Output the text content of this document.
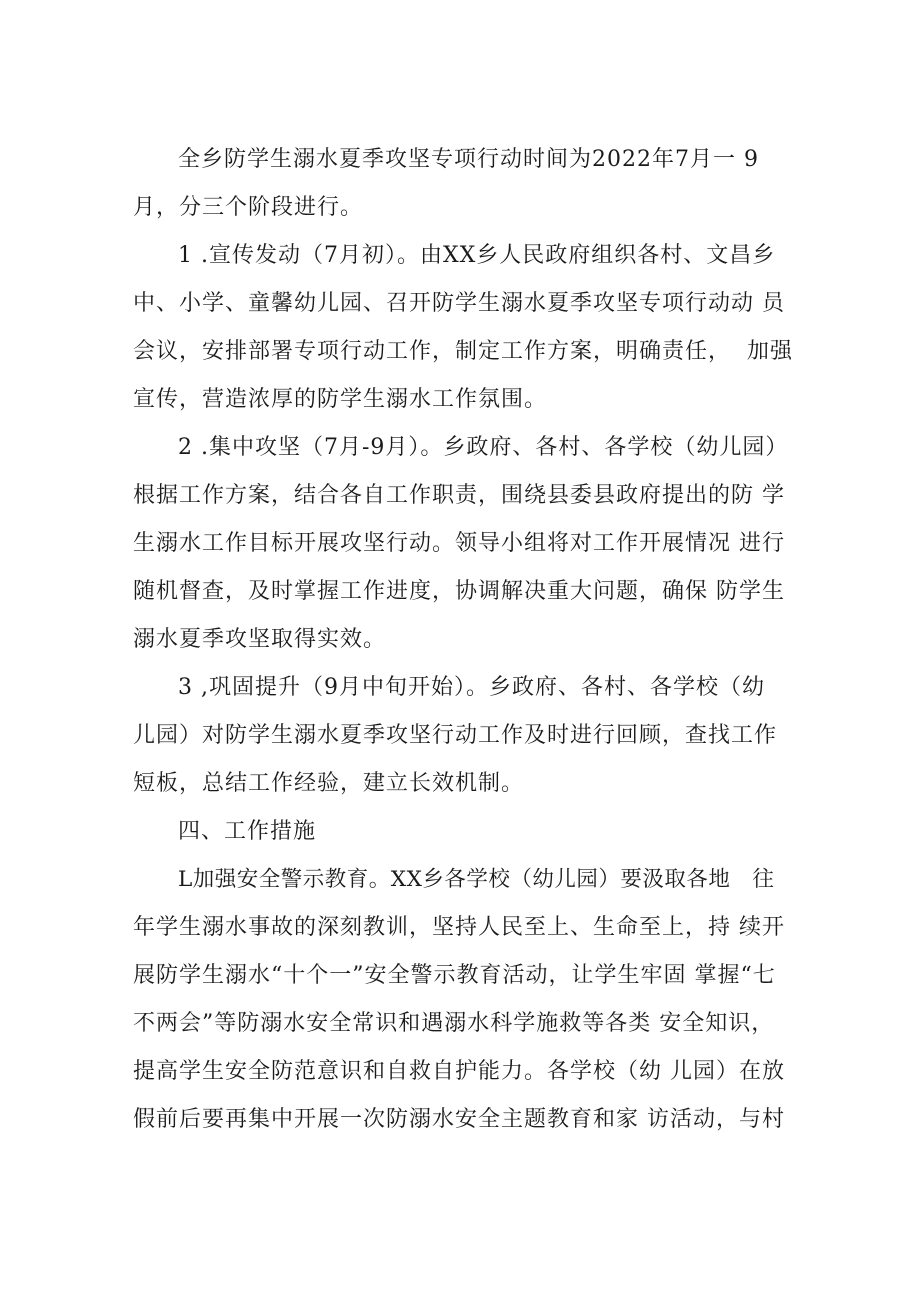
全乡防学生溺水夏季攻坚专项行动时间为2022年7月一 9
月，分三个阶段进行。
1 .宣传发动（7月初）。由XX乡人民政府组织各村、文昌乡
中、小学、童馨幼儿园、召开防学生溺水夏季攻坚专项行动动 员
会议，安排部署专项行动工作，制定工作方案，明确责任，  加强
宣传，营造浓厚的防学生溺水工作氛围。
2 .集中攻坚（7月-9月）。乡政府、各村、各学校（幼儿园）
根据工作方案，结合各自工作职责，围绕县委县政府提出的防 学
生溺水工作目标开展攻坚行动。领导小组将对工作开展情况 进行
随机督查，及时掌握工作进度，协调解决重大问题，确保 防学生
溺水夏季攻坚取得实效。
3 ,巩固提升（9月中旬开始）。乡政府、各村、各学校（幼
儿园）对防学生溺水夏季攻坚行动工作及时进行回顾，查找工作
短板，总结工作经验，建立长效机制。
四、工作措施
L加强安全警示教育。XX乡各学校（幼儿园）要汲取各地   往
年学生溺水事故的深刻教训，坚持人民至上、生命至上，持 续开
展防学生溺水“十个一”安全警示教育活动，让学生牢固 掌握“七
不两会”等防溺水安全常识和遇溺水科学施救等各类 安全知识，
提高学生安全防范意识和自救自护能力。各学校（幼 儿园）在放
假前后要再集中开展一次防溺水安全主题教育和家 访活动，与村
